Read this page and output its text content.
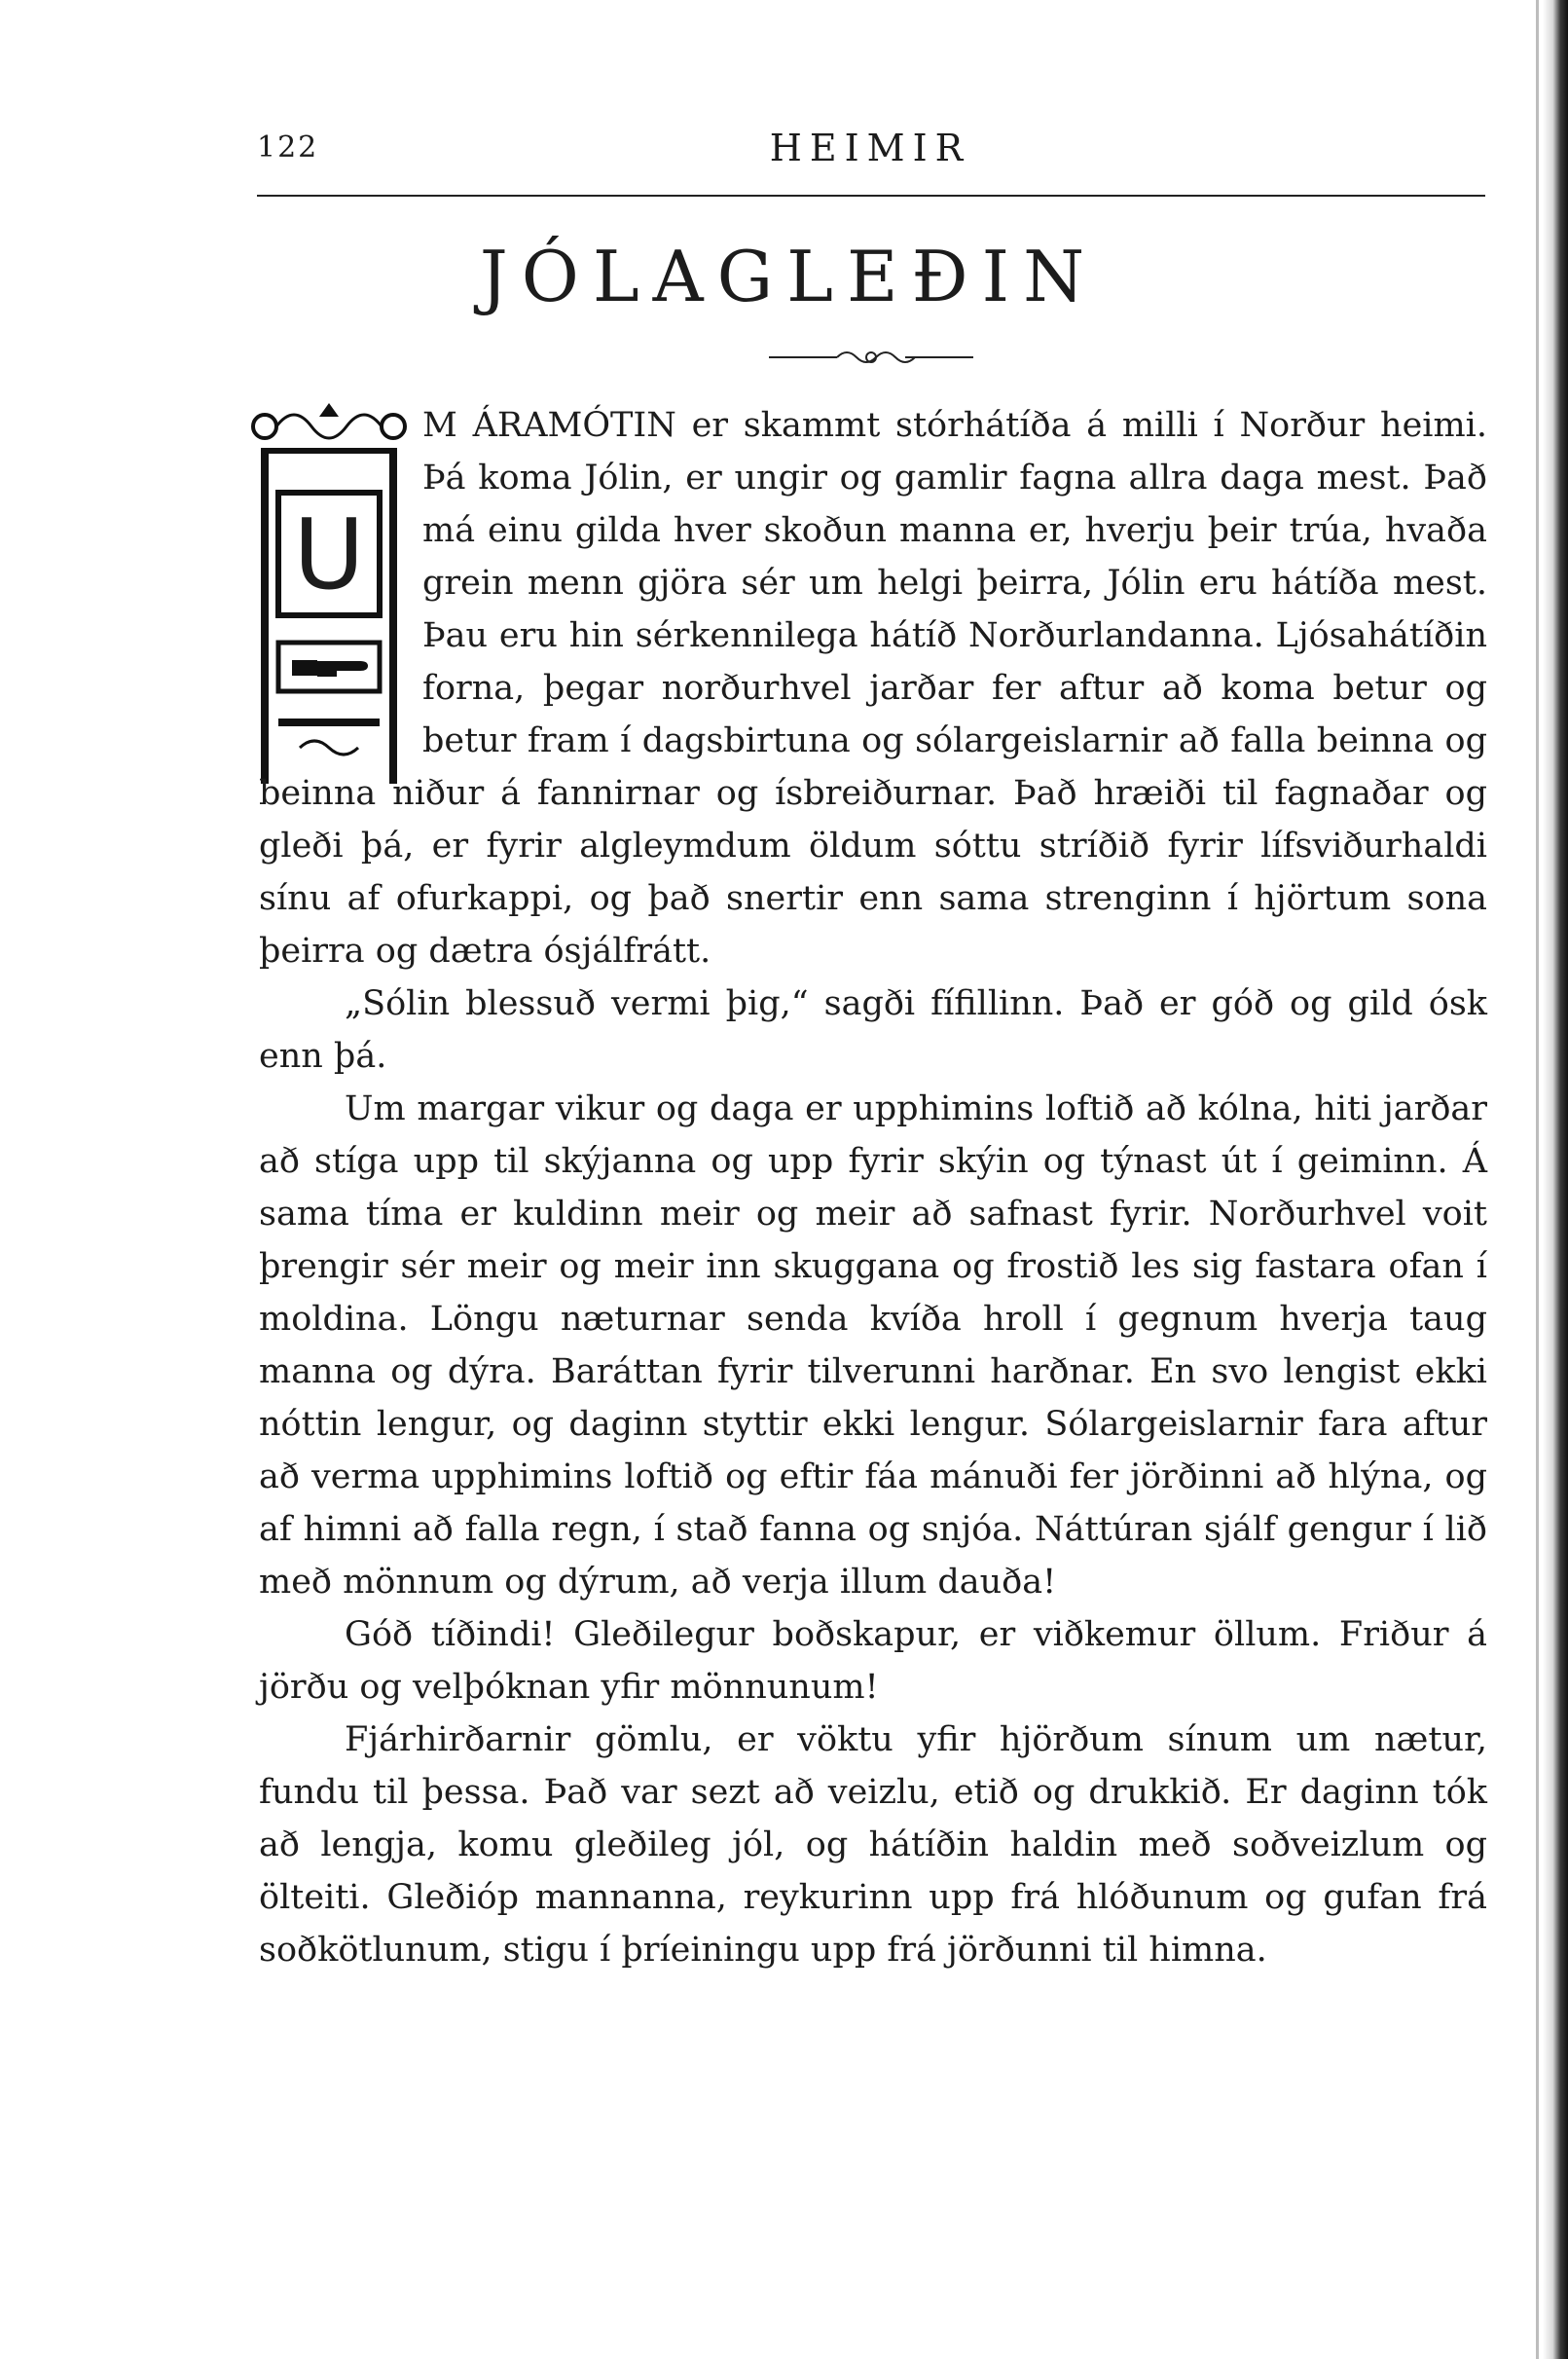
122	HEIMIR
JÓLAGLEÐIN
U

M ÁRAMÓTIN er skammt stórhátíða á milli í Norður heimi. Þá koma Jólin, er ungir og gamlir fagna allra daga mest. Það má einu gilda hver skoðun manna er, hverju þeir trúa, hvaða grein menn gjöra sér um helgi þeirra, Jólin eru hátíða mest. Þau eru hin sérkennilega hátíð Norðurlandanna. Ljósahátíðin forna, þegar norðurhvel jarðar fer aftur að koma betur og betur fram í dagsbirtuna og sólargeislarnir að falla beinna og beinna niður á fannirnar og ísbreiðurnar. Það hræiði til fagnaðar og gleði þá, er fyrir algleymdum öldum sóttu stríðið fyrir lífsviðurhaldi sínu af ofurkappi, og það snertir enn sama strenginn í hjörtum sona þeirra og dætra ósjálfrátt.

„Sólin blessuð vermi þig,“ sagði fífillinn. Það er góð og gild ósk enn þá.

Um margar vikur og daga er upphimins loftið að kólna, hiti jarðar að stíga upp til skýjanna og upp fyrir skýin og týnast út í geiminn. Á sama tíma er kuldinn meir og meir að safnast fyrir. Norðurhvel voit þrengir sér meir og meir inn skuggana og frostið les sig fastara ofan í moldina. Löngu næturnar senda kvíða hroll í gegnum hverja taug manna og dýra. Baráttan fyrir tilverunni harðnar. En svo lengist ekki nóttin lengur, og daginn styttir ekki lengur. Sólargeislarnir fara aftur að verma upphimins loftið og eftir fáa mánuði fer jörðinni að hlýna, og af himni að falla regn, í stað fanna og snjóa. Náttúran sjálf gengur í lið með mönnum og dýrum, að verja illum dauða!

Góð tíðindi! Gleðilegur boðskapur, er viðkemur öllum. Friður á jörðu og velþóknan yfir mönnunum!

Fjárhirðarnir gömlu, er vöktu yfir hjörðum sínum um nætur, fundu til þessa. Það var sezt að veizlu, etið og drukkið. Er daginn tók að lengja, komu gleðileg jól, og hátíðin haldin með soðveizlum og ölteiti. Gleðióp mannanna, reykurinn upp frá hlóðunum og gufan frá soðkötlunum, stigu í þríeiningu upp frá jörðunni til himna.
